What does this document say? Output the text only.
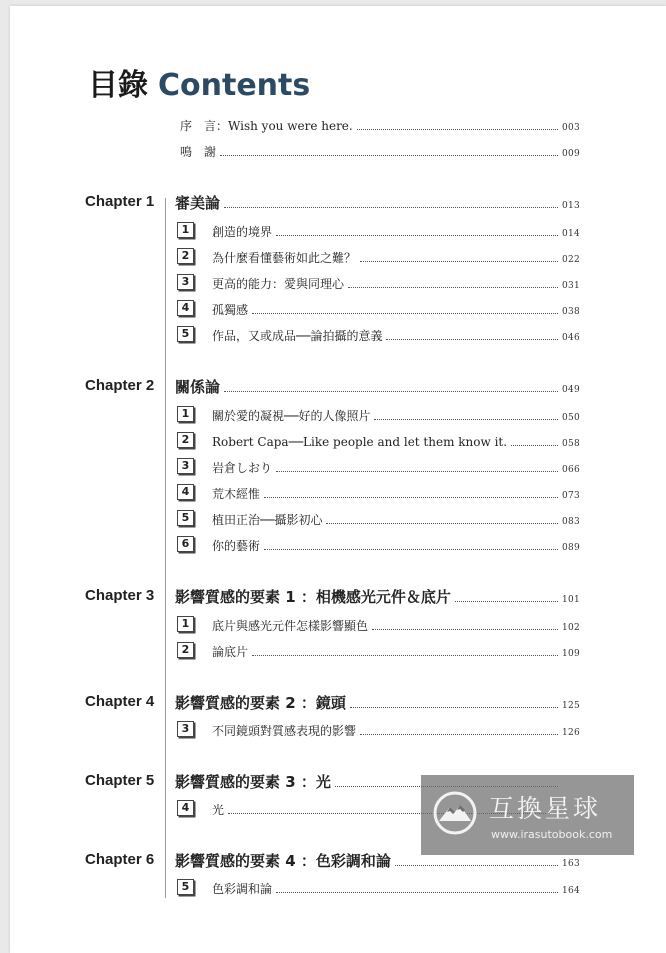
目錄 Contents
序　言：Wish you were here.	003
鳴　謝	009
Chapter 1	審美論	013
1	創造的境界	014
2	為什麼看懂藝術如此之難？	022
3	更高的能力：愛與同理心	031
4	孤獨感	038
5	作品，又或成品──論拍攝的意義	046
Chapter 2	關係論	049
1	關於愛的凝視──好的人像照片	050
2	Robert Capa──Like people and let them know it.	058
3	岩倉しおり	066
4	荒木經惟	073
5	植田正治──攝影初心	083
6	你的藝術	089
Chapter 3	影響質感的要素 1 ：相機感光元件＆底片	101
1	底片與感光元件怎樣影響顯色	102
2	論底片	109
Chapter 4	影響質感的要素 2 ：鏡頭	125
3	不同鏡頭對質感表現的影響	126
Chapter 5	影響質感的要素 3 ：光
4	光
Chapter 6	影響質感的要素 4 ：色彩調和論	163
5	色彩調和論	164
互換星球
www.irasutobook.com
